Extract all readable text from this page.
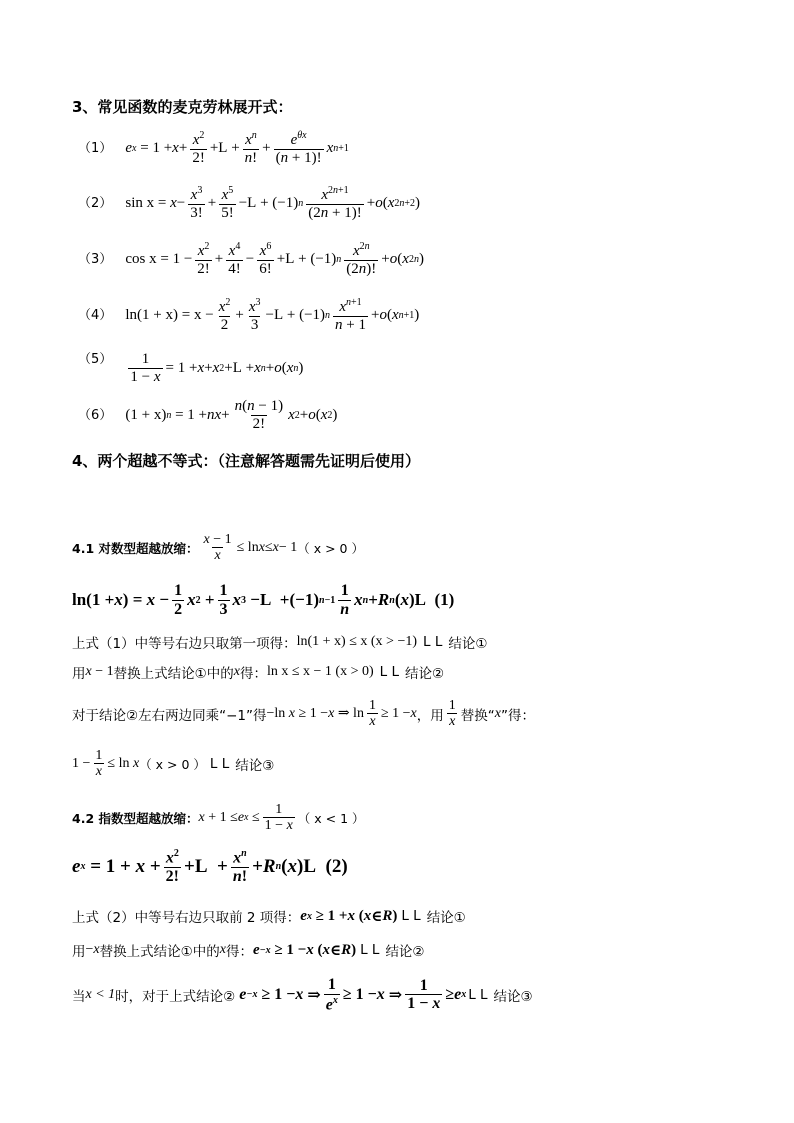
3、常见函数的麦克劳林展开式：
（1） e $x = 1 + x + x^2$
2!
+ $L + x^n$
n!
+ $e^{\theta x}$
(n + 1)!
x n+1
（2） sin x =
$x - x^3$
3!
+ $x^5$
5!
− L + (−1) n $x^{2n+1}$
(2n + 1)!
+ o ( x 2n+2 )
（3） $\cos x = 1 - \frac{x^2}{2!} + x^4$
4!
− $x^6$
6!
+ L + (−1) n $x^{2n}$
(2n)!
+ o ( x 2n )
（4） $\ln(1 + x) = x - \frac{x^2}{2} + x^3$
3
− L + (−1) n $x^{n+1}$
n + 1
+ o ( x n+1 )
（5） 1
1 − x
= 1 + x + x 2 + L + x n + o ( x n )
（6） (1 + x) n = 1 + nx +
n(n − 1)
2!
x 2 + o ( x 2 )
4、两个超越不等式：（注意解答题需先证明后使用）
4.1 对数型超越放缩：
x − 1
x
≤ ln x ≤ x − 1 （ x > 0 ）
ln(1 + x ) = x − 1
2 x 2 + 1
3 x 3 − L +(−1) n−1
1
n x n + R n ( x ) L (1)
上式（1）中等号右边只取第一项得： ln(1 + x) ≤ x (x > −1) L L 结论①
用 x − 1 替换上式结论①中的 x 得： ln x ≤ x − 1 (x > 0) L L 结论②
对于结论②左右两边同乘“−1”得 −ln x ≥ 1 − x ⇒ ln
1
x
≥ 1 − x ，用
1
x 替换“ x ”得：
1 −
1
x
≤ ln x （ x > 0 ） L L 结论③
4.2 指数型超越放缩： x + 1 ≤ e x ≤
1
1 − x （ x < 1 ）
e $x = 1 + x + x^2$
2! + $L + x^n$
n! + R n ( x ) L (2)
上式（2）中等号右边只取前 2 项得： e x ≥ 1 + x ( x ∈ R ) L L 结论①
用 − x 替换上式结论①中的 x 得： e −x ≥ 1 − x ( x ∈ R ) L L 结论②
当 x < 1 时，对于上式结论②
e −x ≥ 1 − x ⇒
1
$e^x \ge 1 - x$ ⇒
1
1 − x
≥ e x L L 结论③
